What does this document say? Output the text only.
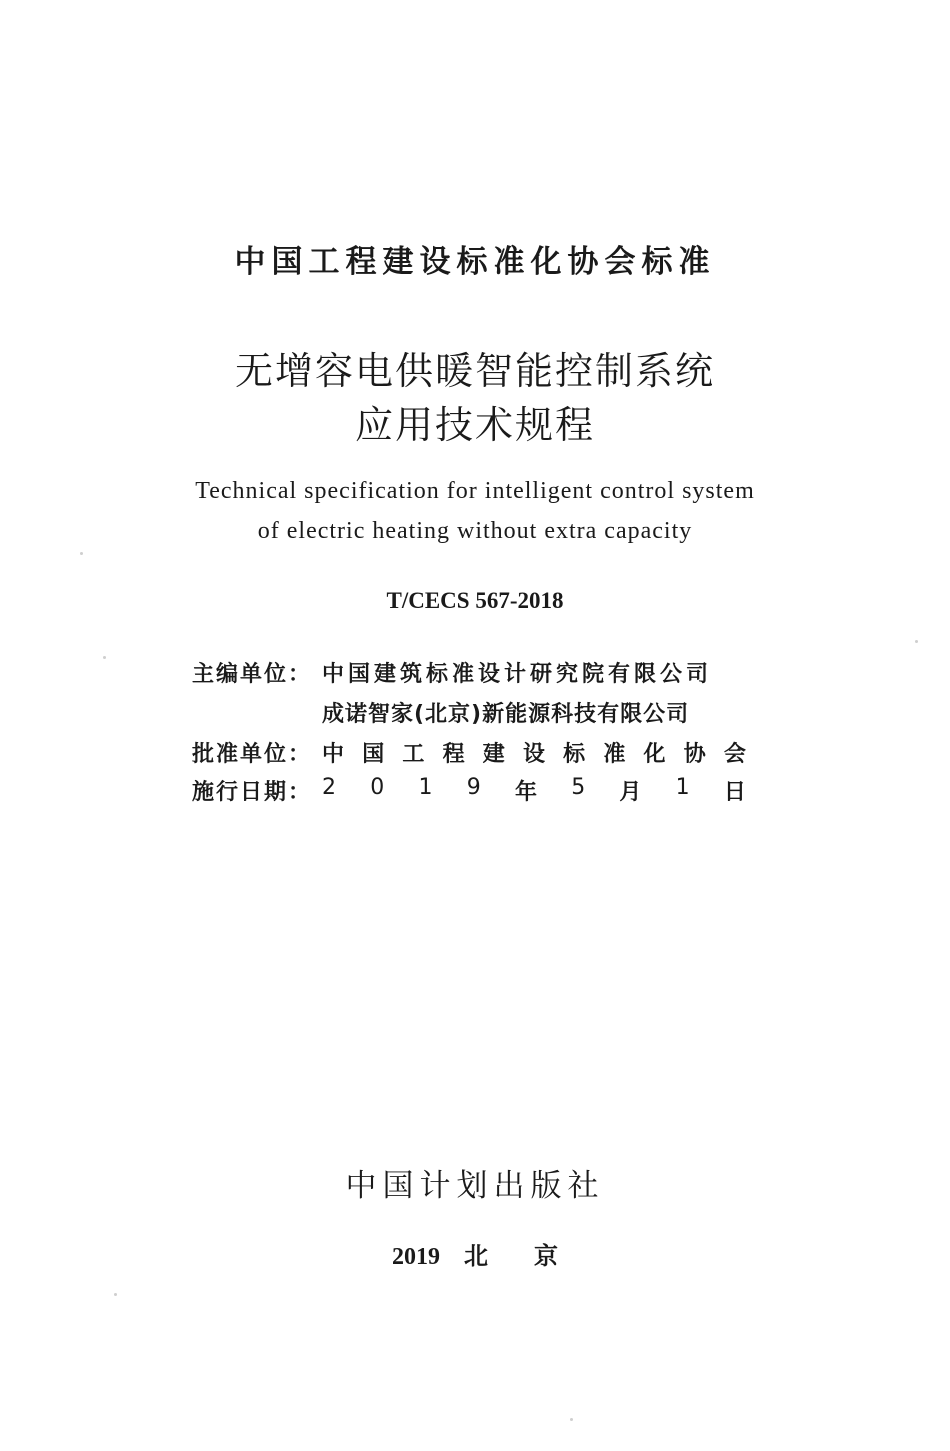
中国工程建设标准化协会标准
无增容电供暖智能控制系统
应用技术规程
Technical specification for intelligent control system
of electric heating without extra capacity
T/CECS 567-2018
主编单位： 中国建筑标准设计研究院有限公司
成诺智家(北京)新能源科技有限公司
批准单位： 中 国 工 程 建 设 标 准 化 协 会
施行日期： 2 0 1 9 年 5 月 1 日
中国计划出版社
2019 北 京
